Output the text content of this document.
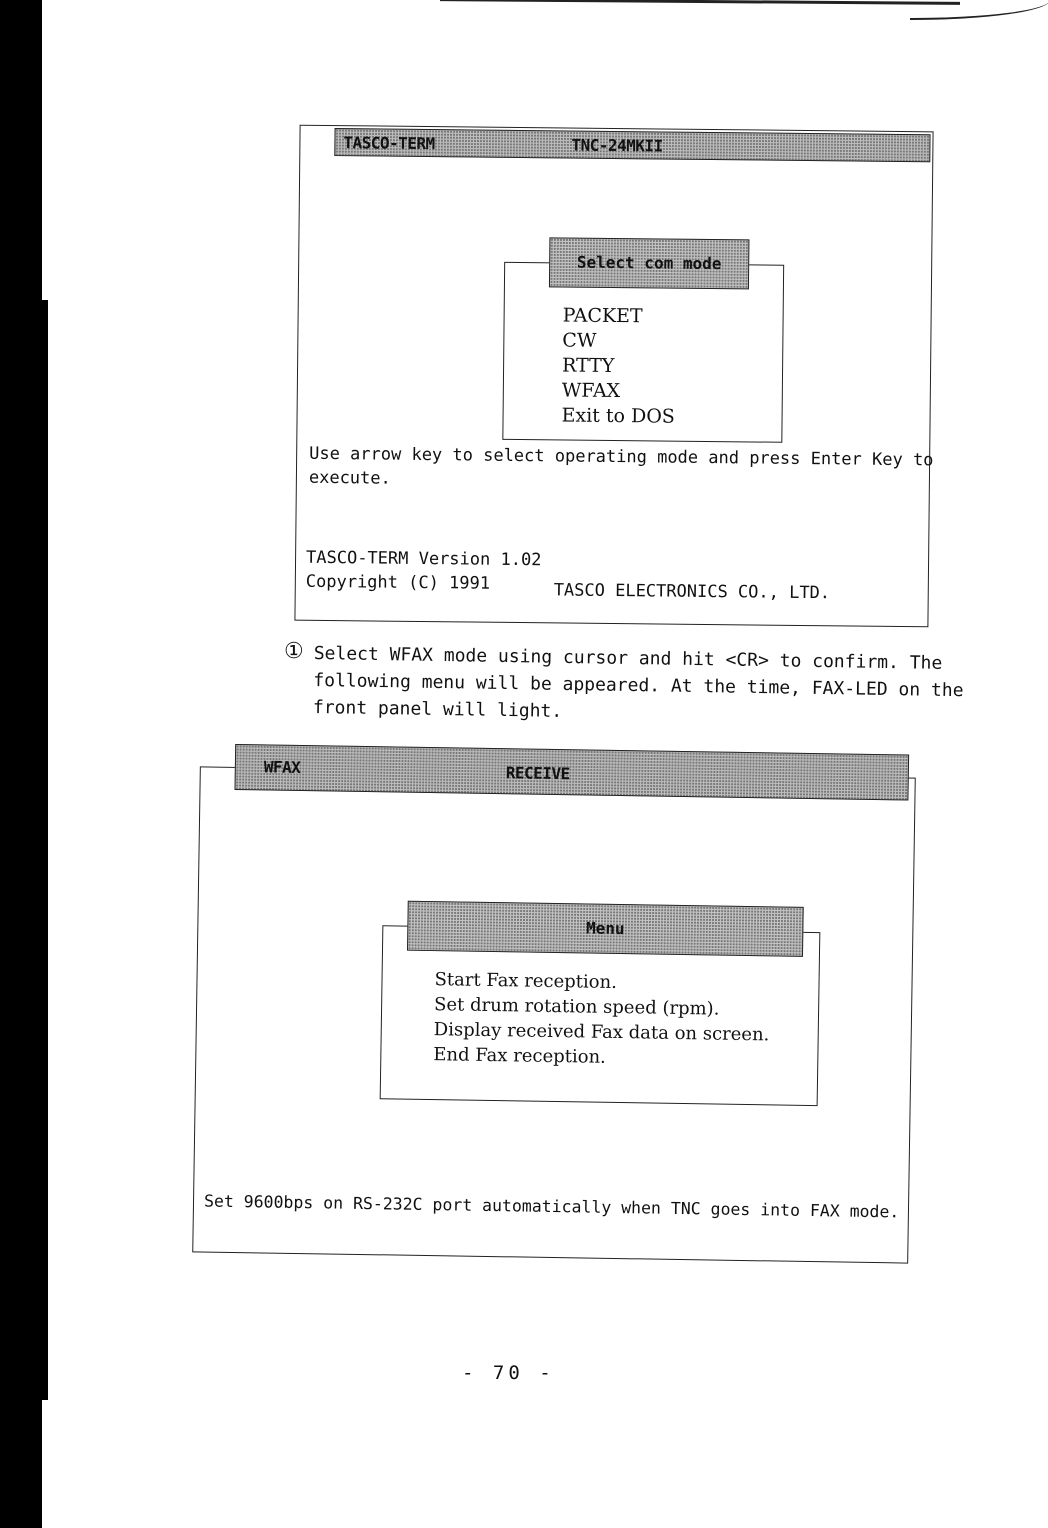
TASCO-TERM	TNC-24MKII
Select com mode
PACKET
CW
RTTY
WFAX
Exit to DOS
Use arrow key to select operating mode and press Enter Key to
execute.
TASCO-TERM Version 1.02
Copyright (C) 1991	TASCO ELECTRONICS CO., LTD.
① Select WFAX mode using cursor and hit <CR> to confirm. The
following menu will be appeared. At the time, FAX-LED on the
front panel will light.
WFAX	RECEIVE
Menu
Start Fax reception.
Set drum rotation speed (rpm).
Display received Fax data on screen.
End Fax reception.
Set 9600bps on RS-232C port automatically when TNC goes into FAX mode.
- 70 -
